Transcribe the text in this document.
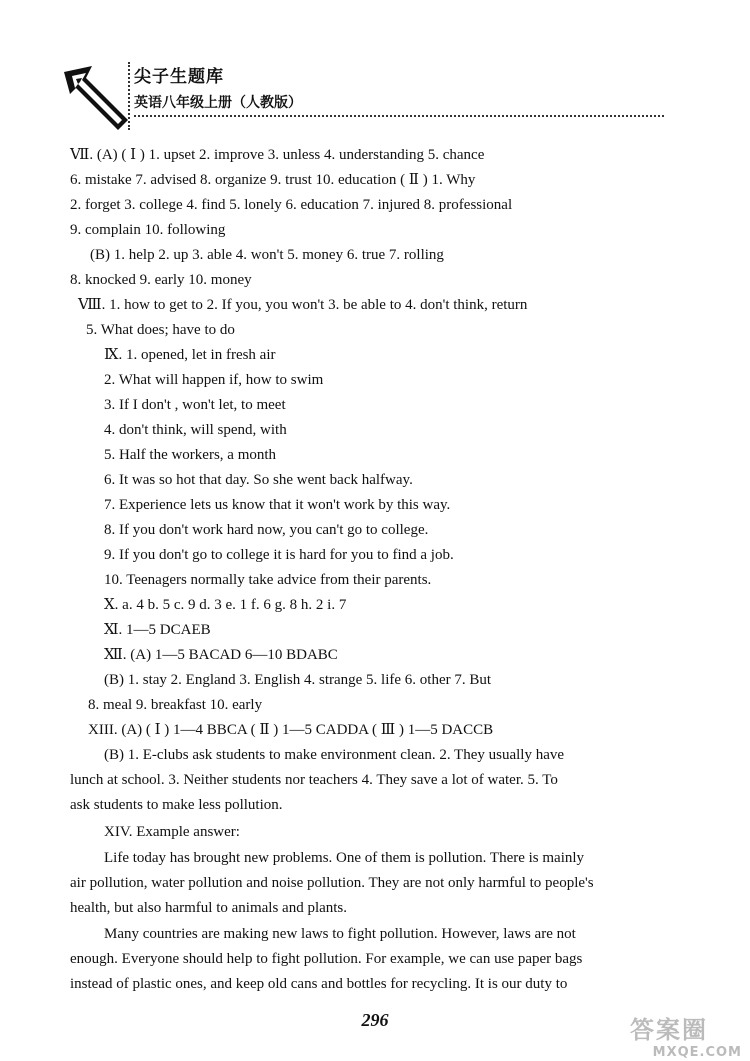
尖子生题库
英语八年级上册（人教版）
Ⅶ. (A) ( Ⅰ ) 1. upset 2. improve 3. unless 4. understanding 5. chance
6. mistake 7. advised 8. organize 9. trust 10. education ( Ⅱ ) 1. Why
2. forget 3. college 4. find 5. lonely 6. education 7. injured 8. professional
9. complain 10. following
(B) 1. help 2. up 3. able 4. won't 5. money 6. true 7. rolling
8. knocked 9. early 10. money
Ⅷ. 1. how to get to 2. If you, you won't 3. be able to 4. don't think, return
5. What does; have to do
Ⅸ. 1. opened, let in fresh air
2. What will happen if, how to swim
3. If I don't , won't let, to meet
4. don't think, will spend, with
5. Half the workers, a month
6. It was so hot that day. So she went back halfway.
7. Experience lets us know that it won't work by this way.
8. If you don't work hard now, you can't go to college.
9. If you don't go to college it is hard for you to find a job.
10. Teenagers normally take advice from their parents.
Ⅹ. a. 4 b. 5 c. 9 d. 3 e. 1 f. 6 g. 8 h. 2 i. 7
Ⅺ. 1—5 DCAEB
Ⅻ. (A) 1—5 BACAD 6—10 BDABC
(B) 1. stay 2. England 3. English 4. strange 5. life 6. other 7. But
8. meal 9. breakfast 10. early
XIII. (A) ( Ⅰ ) 1—4 BBCA ( Ⅱ ) 1—5 CADDA ( Ⅲ ) 1—5 DACCB
(B) 1. E-clubs ask students to make environment clean. 2. They usually have
lunch at school. 3. Neither students nor teachers 4. They save a lot of water. 5. To
ask students to make less pollution.
XIV. Example answer:
Life today has brought new problems. One of them is pollution. There is mainly
air pollution, water pollution and noise pollution. They are not only harmful to people's
health, but also harmful to animals and plants.
Many countries are making new laws to fight pollution. However, laws are not
enough. Everyone should help to fight pollution. For example, we can use paper bags
instead of plastic ones, and keep old cans and bottles for recycling. It is our duty to
296	答案圈
MXQE.COM
